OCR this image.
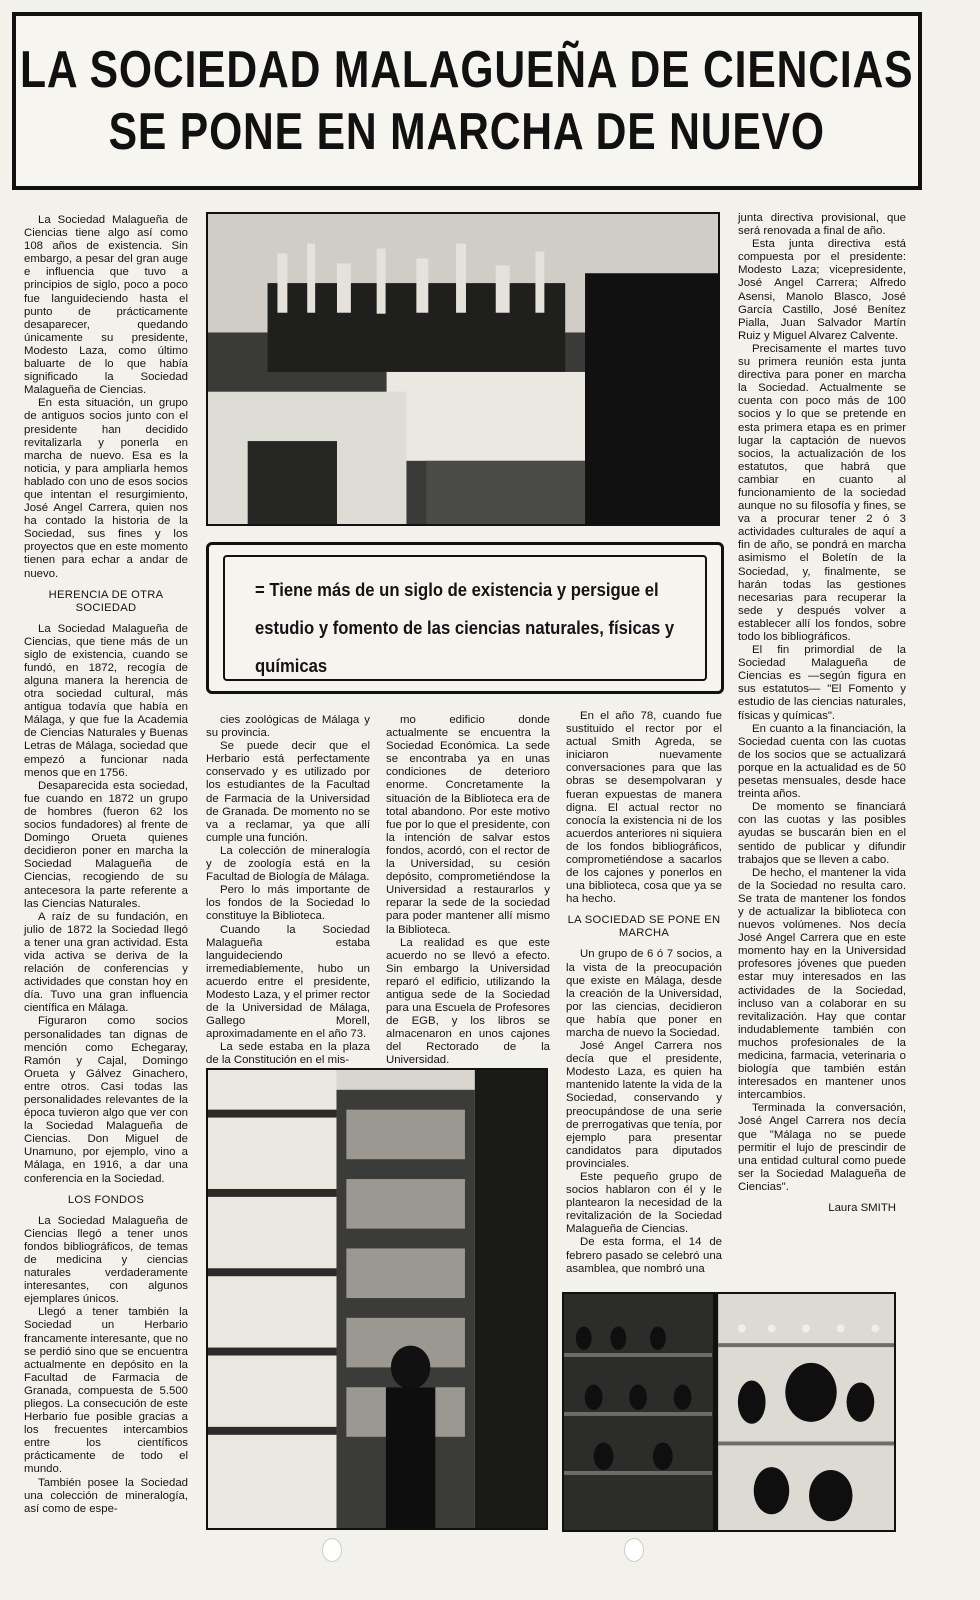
LA SOCIEDAD MALAGUEÑA DE CIENCIAS
SE PONE EN MARCHA DE NUEVO

La Sociedad Malagueña de Ciencias tiene algo así como 108 años de existencia. Sin embargo, a pesar del gran auge e influencia que tuvo a principios de siglo, poco a poco fue languideciendo hasta el punto de prácticamente desaparecer, quedando únicamente su presidente, Modesto Laza, como último baluarte de lo que había significado la Sociedad Malagueña de Ciencias.

En esta situación, un grupo de antiguos socios junto con el presidente han decidido revitalizarla y ponerla en marcha de nuevo. Esa es la noticia, y para ampliarla hemos hablado con uno de esos socios que intentan el resurgimiento, José Angel Carrera, quien nos ha contado la historia de la Sociedad, sus fines y los proyectos que en este momento tienen para echar a andar de nuevo.

HERENCIA DE OTRA SOCIEDAD

La Sociedad Malagueña de Ciencias, que tiene más de un siglo de existencia, cuando se fundó, en 1872, recogía de alguna manera la herencia de otra sociedad cultural, más antigua todavía que había en Málaga, y que fue la Academia de Ciencias Naturales y Buenas Letras de Málaga, sociedad que empezó a funcionar nada menos que en 1756.

Desaparecida esta sociedad, fue cuando en 1872 un grupo de hombres (fueron 62 los socios fundadores) al frente de Domingo Orueta quienes decidieron poner en marcha la Sociedad Malagueña de Ciencias, recogiendo de su antecesora la parte referente a las Ciencias Naturales.

A raíz de su fundación, en julio de 1872 la Sociedad llegó a tener una gran actividad. Esta vida activa se deriva de la relación de conferencias y actividades que constan hoy en día. Tuvo una gran influencia científica en Málaga.

Figuraron como socios personalidades tan dignas de mención como Echegaray, Ramón y Cajal, Domingo Orueta y Gálvez Ginachero, entre otros. Casi todas las personalidades relevantes de la época tuvieron algo que ver con la Sociedad Malagueña de Ciencias. Don Miguel de Unamuno, por ejemplo, vino a Málaga, en 1916, a dar una conferencia en la Sociedad.

LOS FONDOS

La Sociedad Malagueña de Ciencias llegó a tener unos fondos bibliográficos, de temas de medicina y ciencias naturales verdaderamente interesantes, con algunos ejemplares únicos.

Llegó a tener también la Sociedad un Herbario francamente interesante, que no se perdió sino que se encuentra actualmente en depósito en la Facultad de Farmacia de Granada, compuesta de 5.500 pliegos. La consecución de este Herbario fue posible gracias a los frecuentes intercambios entre los científicos prácticamente de todo el mundo.

También posee la Sociedad una colección de mineralogía, así como de espe-

= Tiene más de un siglo de existencia y persigue el estudio y fomento de las ciencias naturales, físicas y químicas

cies zoológicas de Málaga y su provincia.

Se puede decir que el Herbario está perfectamente conservado y es utilizado por los estudiantes de la Facultad de Farmacia de la Universidad de Granada. De momento no se va a reclamar, ya que allí cumple una función.

La colección de mineralogía y de zoología está en la Facultad de Biología de Málaga.

Pero lo más importante de los fondos de la Sociedad lo constituye la Biblioteca.

Cuando la Sociedad Malagueña estaba languideciendo irremediablemente, hubo un acuerdo entre el presidente, Modesto Laza, y el primer rector de la Universidad de Málaga, Gallego Morell, aproximadamente en el año 73.

La sede estaba en la plaza de la Constitución en el mis-

mo edificio donde actualmente se encuentra la Sociedad Económica. La sede se encontraba ya en unas condiciones de deterioro enorme. Concretamente la situación de la Biblioteca era de total abandono. Por este motivo fue por lo que el presidente, con la intención de salvar estos fondos, acordó, con el rector de la Universidad, su cesión depósito, comprometiéndose la Universidad a restaurarlos y reparar la sede de la sociedad para poder mantener allí mismo la Biblioteca.

La realidad es que este acuerdo no se llevó a efecto. Sin embargo la Universidad reparó el edificio, utilizando la antigua sede de la Sociedad para una Escuela de Profesores de EGB, y los libros se almacenaron en unos cajones del Rectorado de la Universidad.

En el año 78, cuando fue sustituido el rector por el actual Smith Agreda, se iniciaron nuevamente conversaciones para que las obras se desempolvaran y fueran expuestas de manera digna. El actual rector no conocía la existencia ni de los acuerdos anteriores ni siquiera de los fondos bibliográficos, comprometiéndose a sacarlos de los cajones y ponerlos en una biblioteca, cosa que ya se ha hecho.

LA SOCIEDAD SE PONE EN MARCHA

Un grupo de 6 ó 7 socios, a la vista de la preocupación que existe en Málaga, desde la creación de la Universidad, por las ciencias, decidieron que había que poner en marcha de nuevo la Sociedad.

José Angel Carrera nos decía que el presidente, Modesto Laza, es quien ha mantenido latente la vida de la Sociedad, conservando y preocupándose de una serie de prerrogativas que tenía, por ejemplo para presentar candidatos para diputados provinciales.

Este pequeño grupo de socios hablaron con él y le plantearon la necesidad de la revitalización de la Sociedad Malagueña de Ciencias.

De esta forma, el 14 de febrero pasado se celebró una asamblea, que nombró una

junta directiva provisional, que será renovada a final de año.

Esta junta directiva está compuesta por el presidente: Modesto Laza; vicepresidente, José Angel Carrera; Alfredo Asensi, Manolo Blasco, José García Castillo, José Benítez Pialla, Juan Salvador Martín Ruiz y Miguel Alvarez Calvente.

Precisamente el martes tuvo su primera reunión esta junta directiva para poner en marcha la Sociedad. Actualmente se cuenta con poco más de 100 socios y lo que se pretende en esta primera etapa es en primer lugar la captación de nuevos socios, la actualización de los estatutos, que habrá que cambiar en cuanto al funcionamiento de la sociedad aunque no su filosofía y fines, se va a procurar tener 2 ó 3 actividades culturales de aquí a fin de año, se pondrá en marcha asimismo el Boletín de la Sociedad, y, finalmente, se harán todas las gestiones necesarias para recuperar la sede y después volver a establecer allí los fondos, sobre todo los bibliográficos.

El fin primordial de la Sociedad Malagueña de Ciencias es —según figura en sus estatutos— "El Fomento y estudio de las ciencias naturales, físicas y químicas".

En cuanto a la financiación, la Sociedad cuenta con las cuotas de los socios que se actualizará porque en la actualidad es de 50 pesetas mensuales, desde hace treinta años.

De momento se financiará con las cuotas y las posibles ayudas se buscarán bien en el sentido de publicar y difundir trabajos que se lleven a cabo.

De hecho, el mantener la vida de la Sociedad no resulta caro. Se trata de mantener los fondos y de actualizar la biblioteca con nuevos volúmenes. Nos decía José Angel Carrera que en este momento hay en la Universidad profesores jóvenes que pueden estar muy interesados en las actividades de la Sociedad, incluso van a colaborar en su revitalización. Hay que contar indudablemente también con muchos profesionales de la medicina, farmacia, veterinaria o biología que también están interesados en mantener unos intercambios.

Terminada la conversación, José Angel Carrera nos decía que "Málaga no se puede permitir el lujo de prescindir de una entidad cultural como puede ser la Sociedad Malagueña de Ciencias".

Laura SMITH
